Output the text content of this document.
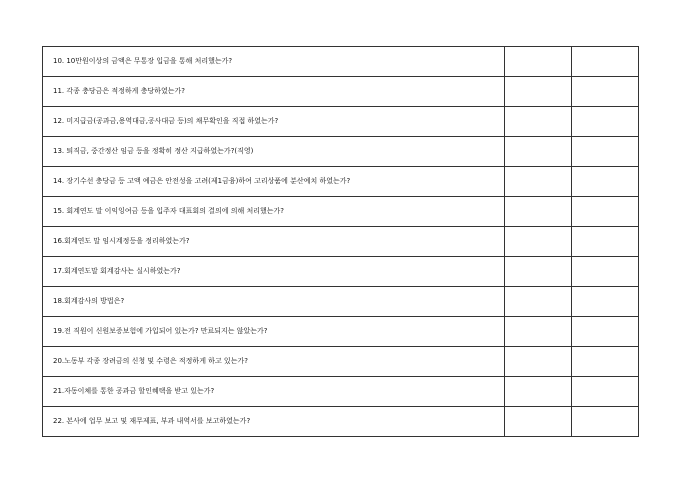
10. 10만원이상의 금액은 무통장 입금을 통해 처리했는가?		
11. 각종 충당금은 적정하게 충당하였는가?		
12. 미지급금(공과금,용역대금,공사대금 등)의 채무확인을 직접 하였는가?		
13. 퇴직금, 중간정산 임금 등을 정확히 정산 지급하였는가?(직영)		
14. 장기수선 충당금 등 고액 예금은 안전성을 고려(제1금융)하여 고리상품에 분산예치 하였는가?		
15. 회계연도 말 이익잉여금 등을 입주자 대표회의 결의에 의해 처리했는가?		
16.회계연도 말 임시계정등을 정리하였는가?		
17.회계연도말 회계감사는 실시하였는가?		
18.회계감사의 방법은?		
19.전 직원이 신원보증보험에 가입되어 있는가? 만료되지는 않았는가?		
20.노동부 각종 장려금의 신청 및 수령은 적정하게 하고 있는가?		
21.자동이체를 통한 공과금 할인혜택을 받고 있는가?		
22. 본사에 업무 보고 및 재무제표, 부과 내역서를 보고하였는가?		
